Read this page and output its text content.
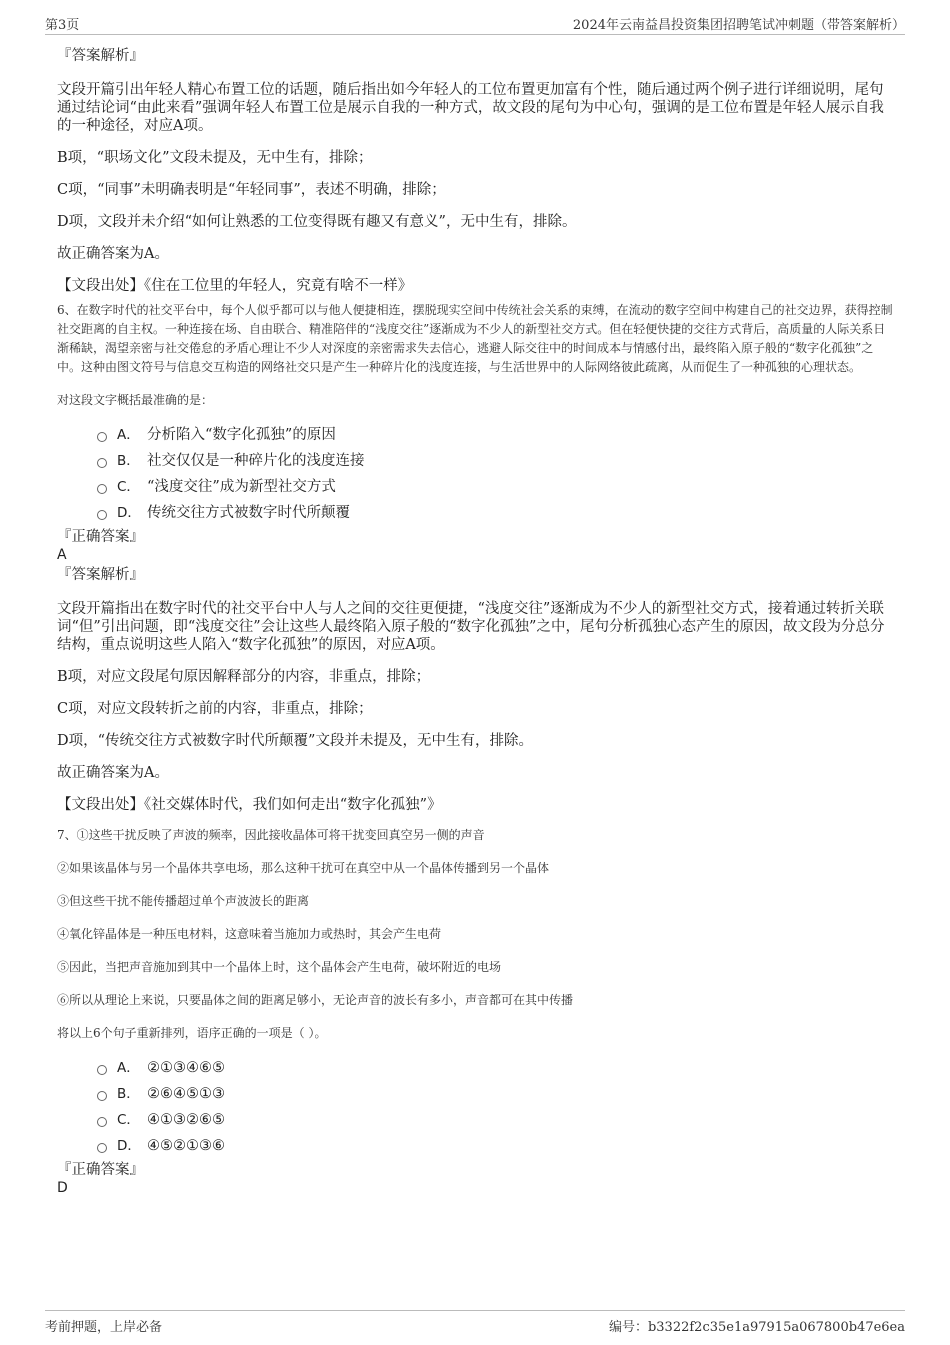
第3页	2024年云南益昌投资集团招聘笔试冲刺题（带答案解析）

『答案解析』

文段开篇引出年轻人精心布置工位的话题，随后指出如今年轻人的工位布置更加富有个性，随后通过两个例子进行详细说明，尾句通过结论词“由此来看”强调年轻人布置工位是展示自我的一种方式，故文段的尾句为中心句，强调的是工位布置是年轻人展示自我的一种途径，对应A项。

B项，“职场文化”文段未提及，无中生有，排除；

C项，“同事”未明确表明是“年轻同事”，表述不明确，排除；

D项，文段并未介绍“如何让熟悉的工位变得既有趣又有意义”，无中生有，排除。

故正确答案为A。

【文段出处】《住在工位里的年轻人，究竟有啥不一样》

6、在数字时代的社交平台中，每个人似乎都可以与他人便捷相连，摆脱现实空间中传统社会关系的束缚，在流动的数字空间中构建自己的社交边界，获得控制社交距离的自主权。一种连接在场、自由联合、精准陪伴的“浅度交往”逐渐成为不少人的新型社交方式。但在轻便快捷的交往方式背后，高质量的人际关系日渐稀缺，渴望亲密与社交倦怠的矛盾心理让不少人对深度的亲密需求失去信心，逃避人际交往中的时间成本与情感付出，最终陷入原子般的“数字化孤独”之中。这种由图文符号与信息交互构造的网络社交只是产生一种碎片化的浅度连接，与生活世界中的人际网络彼此疏离，从而促生了一种孤独的心理状态。

对这段文字概括最准确的是：

A． 分析陷入“数字化孤独”的原因
B． 社交仅仅是一种碎片化的浅度连接
C． “浅度交往”成为新型社交方式
D． 传统交往方式被数字时代所颠覆

『正确答案』

A

『答案解析』

文段开篇指出在数字时代的社交平台中人与人之间的交往更便捷，“浅度交往”逐渐成为不少人的新型社交方式，接着通过转折关联词“但”引出问题，即“浅度交往”会让这些人最终陷入原子般的“数字化孤独”之中，尾句分析孤独心态产生的原因，故文段为分总分结构，重点说明这些人陷入“数字化孤独”的原因，对应A项。

B项，对应文段尾句原因解释部分的内容，非重点，排除；

C项，对应文段转折之前的内容，非重点，排除；

D项，“传统交往方式被数字时代所颠覆”文段并未提及，无中生有，排除。

故正确答案为A。

【文段出处】《社交媒体时代，我们如何走出“数字化孤独”》

7、①这些干扰反映了声波的频率，因此接收晶体可将干扰变回真空另一侧的声音

②如果该晶体与另一个晶体共享电场，那么这种干扰可在真空中从一个晶体传播到另一个晶体

③但这些干扰不能传播超过单个声波波长的距离

④氧化锌晶体是一种压电材料，这意味着当施加力或热时，其会产生电荷

⑤因此，当把声音施加到其中一个晶体上时，这个晶体会产生电荷，破坏附近的电场

⑥所以从理论上来说，只要晶体之间的距离足够小，无论声音的波长有多小，声音都可在其中传播

将以上6个句子重新排列，语序正确的一项是（ ）。

A． ②①③④⑥⑤
B． ②⑥④⑤①③
C． ④①③②⑥⑤
D． ④⑤②①③⑥

『正确答案』

D

考前押题，上岸必备	编号：b3322f2c35e1a97915a067800b47e6ea
